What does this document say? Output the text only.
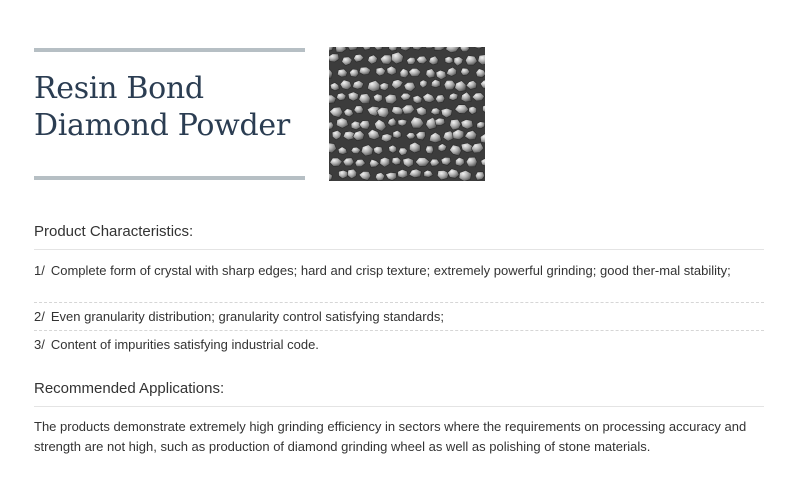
Resin Bond
Diamond Powder
Product Characteristics:
1/ Complete form of crystal with sharp edges; hard and crisp texture; extremely powerful grinding; good ther-mal stability;
2/ Even granularity distribution; granularity control satisfying standards;
3/ Content of impurities satisfying industrial code.
Recommended Applications:

The products demonstrate extremely high grinding efficiency in sectors where the requirements on processing accuracy and strength are not high, such as production of diamond grinding wheel as well as polishing of stone materials.
